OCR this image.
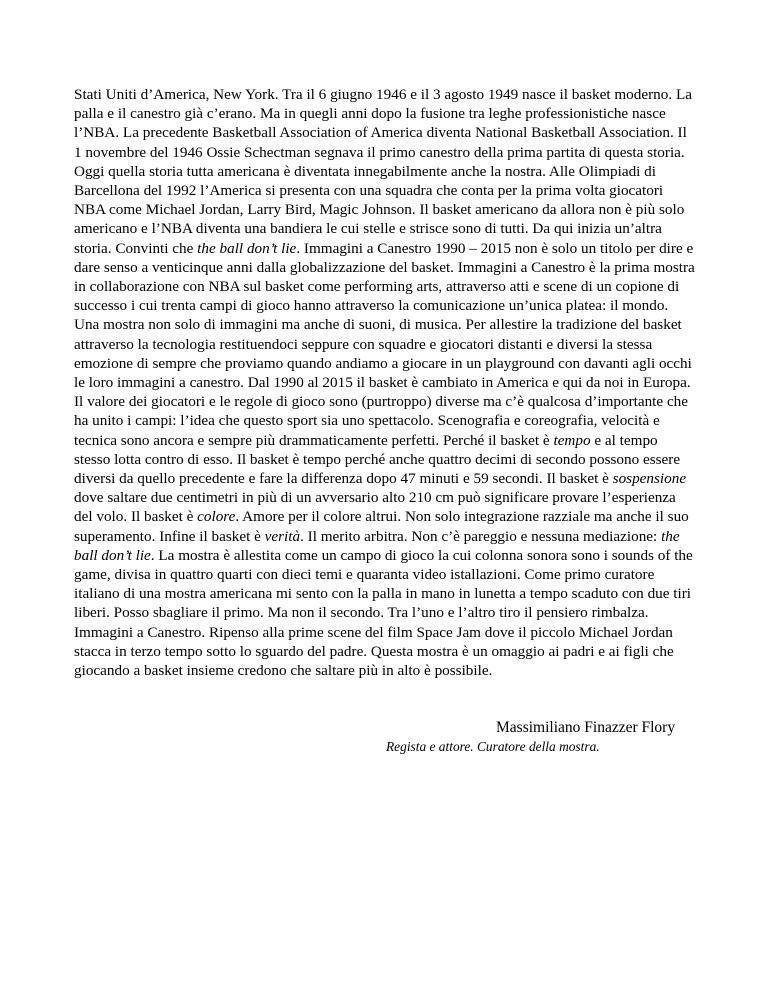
Stati Uniti d’America, New York. Tra il 6 giugno 1946 e il 3 agosto 1949 nasce il basket moderno. La palla e il canestro già c’erano. Ma in quegli anni dopo la fusione tra leghe professionistiche nasce l’NBA. La precedente Basketball Association of America diventa National Basketball Association. Il 1 novembre del 1946 Ossie Schectman segnava il primo canestro della prima partita di questa storia. Oggi quella storia tutta americana è diventata innegabilmente anche la nostra. Alle Olimpiadi di Barcellona del 1992 l’America si presenta con una squadra che conta per la prima volta giocatori NBA come Michael Jordan, Larry Bird, Magic Johnson. Il basket americano da allora non è più solo americano e l’NBA diventa una bandiera le cui stelle e strisce sono di tutti. Da qui inizia un’altra storia. Convinti che the ball don’t lie. Immagini a Canestro 1990 – 2015 non è solo un titolo per dire e dare senso a venticinque anni dalla globalizzazione del basket. Immagini a Canestro è la prima mostra in collaborazione con NBA sul basket come performing arts, attraverso atti e scene di un copione di successo i cui trenta campi di gioco hanno attraverso la comunicazione un’unica platea: il mondo. Una mostra non solo di immagini ma anche di suoni, di musica. Per allestire la tradizione del basket attraverso la tecnologia restituendoci seppure con squadre e giocatori distanti e diversi la stessa emozione di sempre che proviamo quando andiamo a giocare in un playground con davanti agli occhi le loro immagini a canestro. Dal 1990 al 2015 il basket è cambiato in America e qui da noi in Europa. Il valore dei giocatori e le regole di gioco sono (purtroppo) diverse ma c’è qualcosa d’importante che ha unito i campi: l’idea che questo sport sia uno spettacolo. Scenografia e coreografia, velocità e tecnica sono ancora e sempre più drammaticamente perfetti. Perché il basket è tempo e al tempo stesso lotta contro di esso. Il basket è tempo perché anche quattro decimi di secondo possono essere diversi da quello precedente e fare la differenza dopo 47 minuti e 59 secondi. Il basket è sospensione dove saltare due centimetri in più di un avversario alto 210 cm può significare provare l’esperienza del volo. Il basket è colore. Amore per il colore altrui. Non solo integrazione razziale ma anche il suo superamento. Infine il basket è verità. Il merito arbitra. Non c’è pareggio e nessuna mediazione: the ball don’t lie. La mostra è allestita come un campo di gioco la cui colonna sonora sono i sounds of the game, divisa in quattro quarti con dieci temi e quaranta video istallazioni. Come primo curatore italiano di una mostra americana mi sento con la palla in mano in lunetta a tempo scaduto con due tiri liberi. Posso sbagliare il primo. Ma non il secondo. Tra l’uno e l’altro tiro il pensiero rimbalza. Immagini a Canestro. Ripenso alla prime scene del film Space Jam dove il piccolo Michael Jordan stacca in terzo tempo sotto lo sguardo del padre. Questa mostra è un omaggio ai padri e ai figli che giocando a basket insieme credono che saltare più in alto è possibile.

Massimiliano Finazzer Flory

Regista e attore. Curatore della mostra.
